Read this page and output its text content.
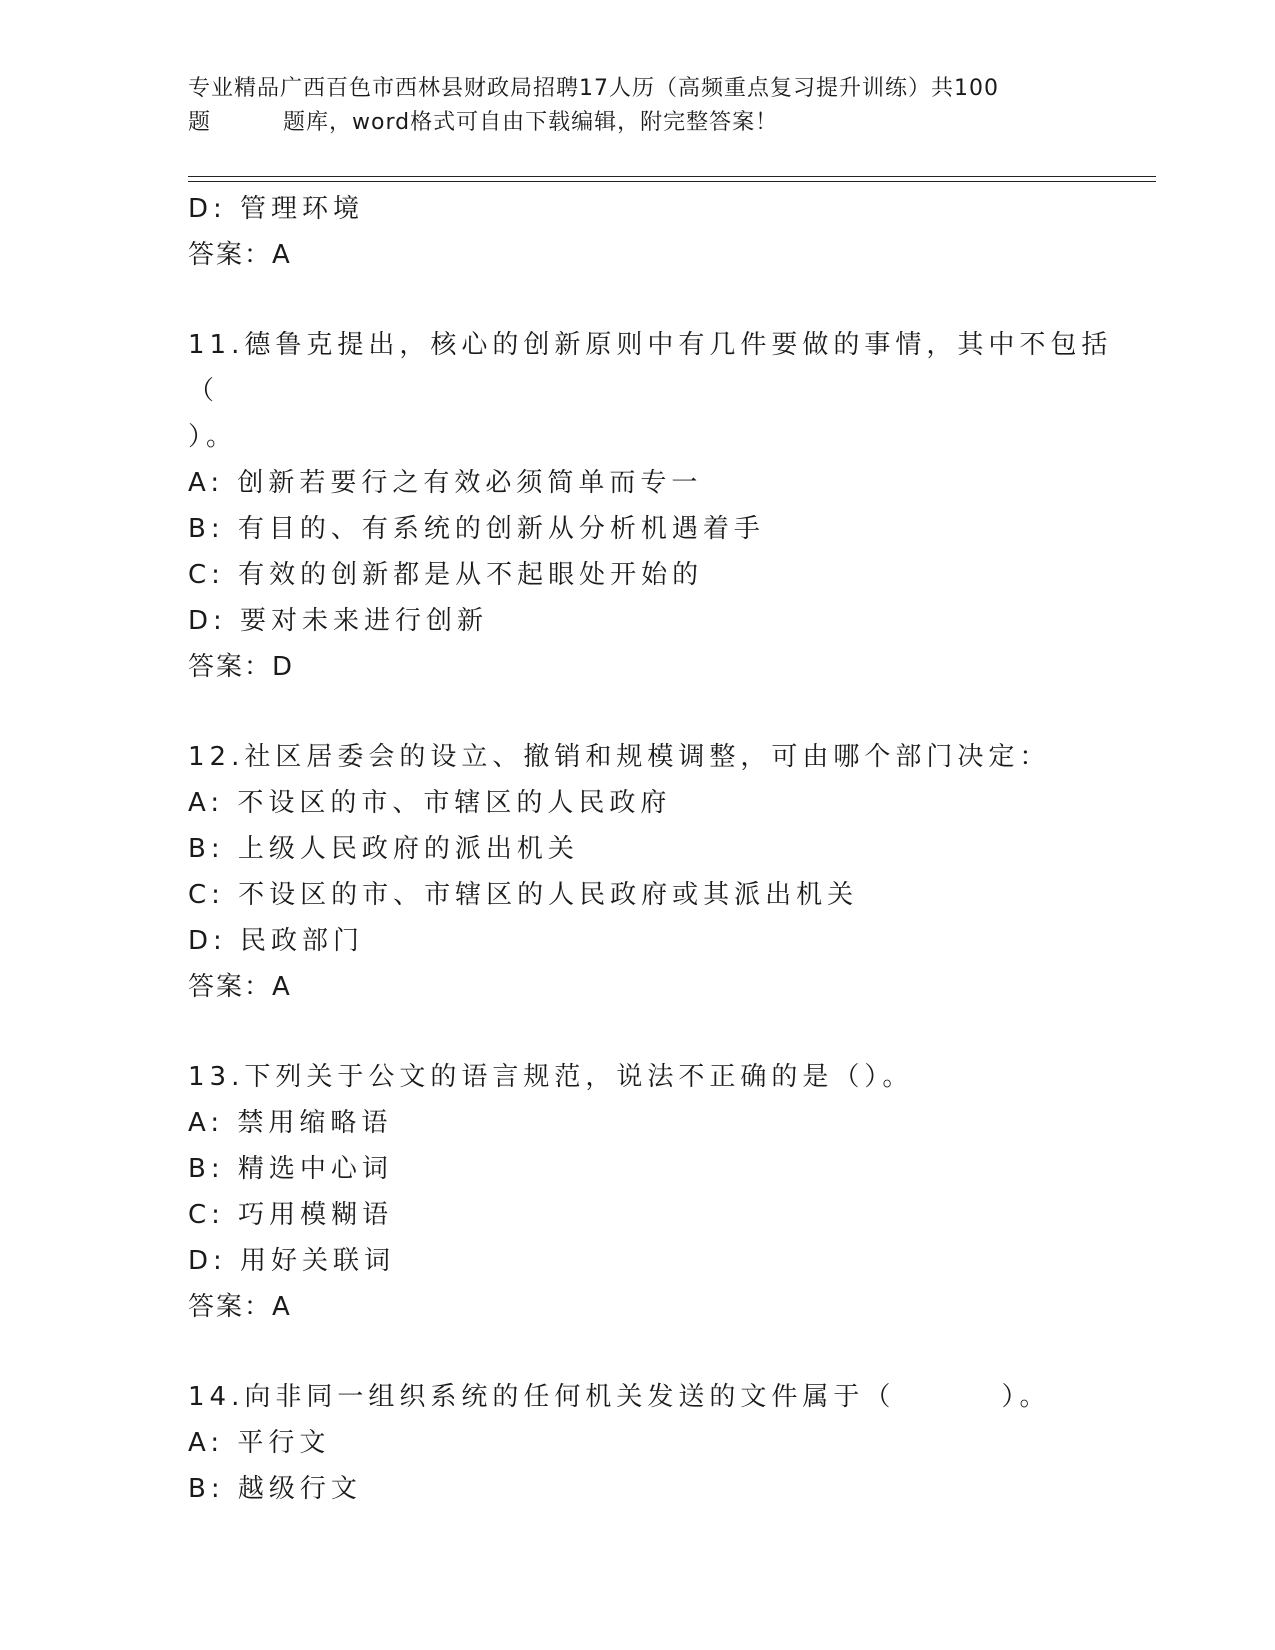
专业精品广西百色市西林县财政局招聘17人历（高频重点复习提升训练）共100
题	题库，word格式可自由下载编辑，附完整答案！
D: 管理环境
答案：A
11.德鲁克提出，核心的创新原则中有几件要做的事情，其中不包括（
）。
A: 创新若要行之有效必须简单而专一
B: 有目的、有系统的创新从分析机遇着手
C: 有效的创新都是从不起眼处开始的
D: 要对未来进行创新
答案：D
12.社区居委会的设立、撤销和规模调整，可由哪个部门决定：
A: 不设区的市、市辖区的人民政府
B: 上级人民政府的派出机关
C: 不设区的市、市辖区的人民政府或其派出机关
D: 民政部门
答案：A
13.下列关于公文的语言规范，说法不正确的是（）。
A: 禁用缩略语
B: 精选中心词
C: 巧用模糊语
D: 用好关联词
答案：A
14.向非同一组织系统的任何机关发送的文件属于（        ）。
A: 平行文
B: 越级行文
